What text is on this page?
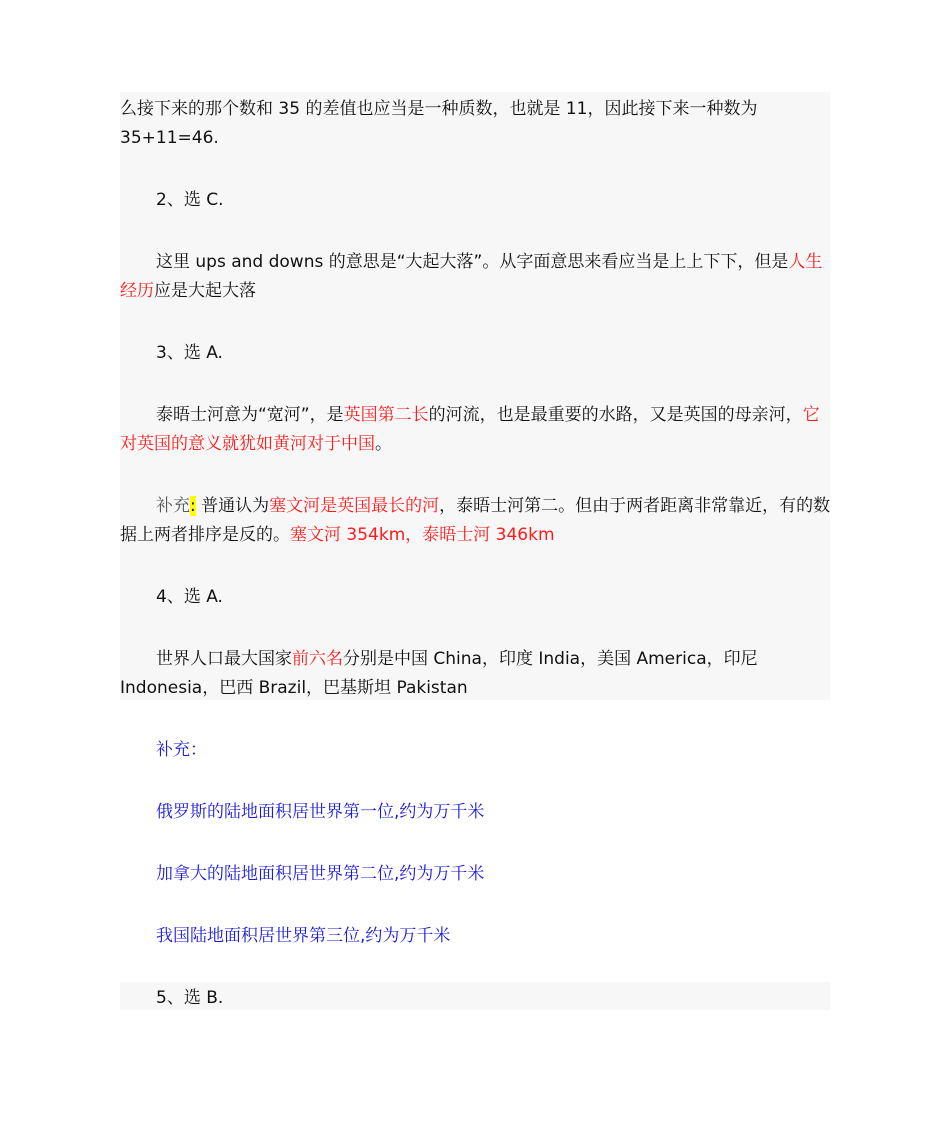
么接下来的那个数和 35 的差值也应当是一种质数，也就是 11，因此接下来一种数为
35+11=46.
2、选 C.
这里 ups and downs 的意思是“大起大落”。从字面意思来看应当是上上下下，但是人生经历应是大起大落
3、选 A.
泰晤士河意为“宽河”，是英国第二长的河流，也是最重要的水路，又是英国的母亲河，它对英国的意义就犹如黄河对于中国。
补充: 普通认为塞文河是英国最长的河，泰晤士河第二。但由于两者距离非常靠近，有的数据上两者排序是反的。塞文河 354km，泰晤士河 346km
4、选 A.
世界人口最大国家前六名分别是中国 China，印度 India，美国 America，印尼 Indonesia，巴西 Brazil，巴基斯坦 Pakistan
补充：
俄罗斯的陆地面积居世界第一位,约为万千米
加拿大的陆地面积居世界第二位,约为万千米
我国陆地面积居世界第三位,约为万千米
5、选 B.
